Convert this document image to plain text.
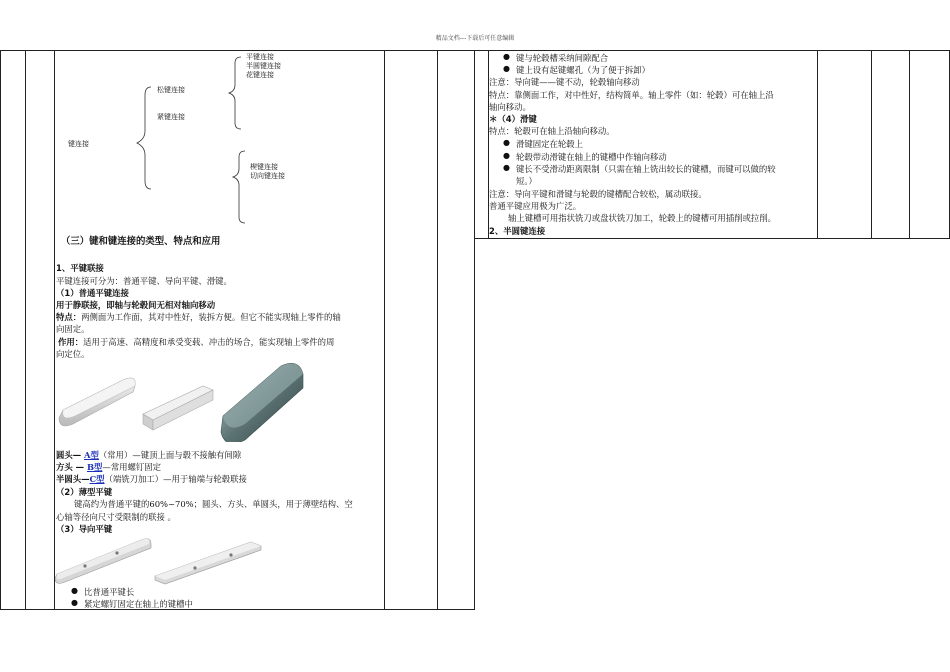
精品文档---下载后可任意编辑
键连接
松键连接
紧键连接
平键连接
半圆键连接
花键连接
楔键连接
切向键连接
（三）键和键连接的类型、特点和应用
1、平键联接
平键连接可分为：普通平键、导向平键、滑键。
（1）普通平键连接
用于静联接，即轴与轮毂间无相对轴向移动
特点：两侧面为工作面，其对中性好，装拆方便。但它不能实现轴上零件的轴
向固定。
作用：适用于高速、高精度和承受变载、冲击的场合，能实现轴上零件的周
向定位。
圆头— A型（常用）—键顶上面与毂不接触有间隙
方头 — B型—常用螺钉固定
半圆头—C型（端铣刀加工）—用于轴端与轮毂联接
（2）薄型平键
键高约为普通平键的60%~70%；圆头、方头、单圆头，用于薄壁结构、空
心轴等径向尺寸受限制的联接 。
（3）导向平键
● 比普通平键长
● 紧定螺钉固定在轴上的键槽中
● 键与轮毂槽采纳间隙配合
● 键上设有起键螺孔（为了便于拆卸）
注意：导向键——键不动，轮毂轴向移动
特点：靠侧面工作，对中性好，结构简单。轴上零件（如：轮毂）可在轴上沿
轴向移动。
＊（4）滑键
特点：轮毂可在轴上沿轴向移动。
● 滑键固定在轮毂上
● 轮毂带动滑键在轴上的键槽中作轴向移动
● 键长不受滑动距离限制（只需在轴上铣出较长的键槽，而键可以做的较
短。）
注意：导向平键和滑键与轮毂的键槽配合较松，属动联接。
普通平键应用极为广泛。
轴上键槽可用指状铣刀或盘状铣刀加工，轮毂上的键槽可用插削或拉削。
2、半圆键连接
